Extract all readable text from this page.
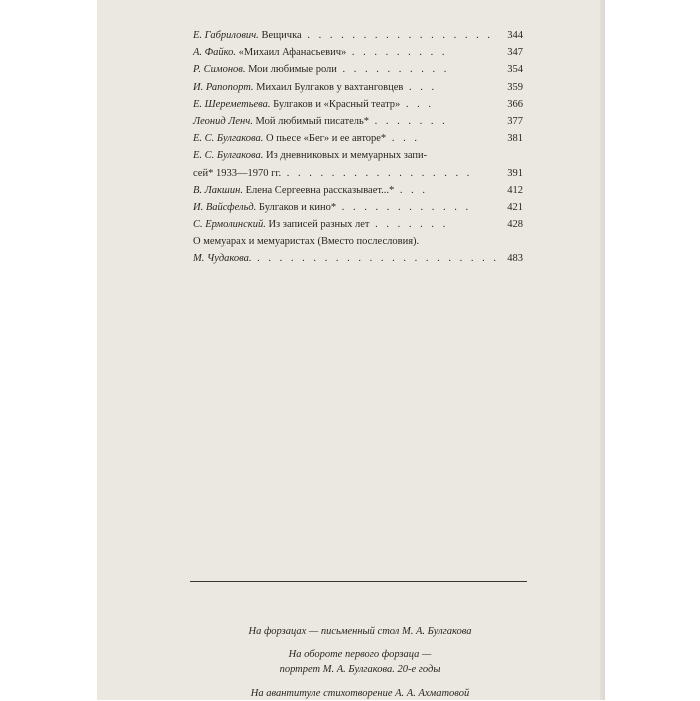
Е. Габрилович. Вещичка . . . . . . . . . . . . . . . . . 344
А. Файко. «Михаил Афанасьевич» . . . . . . . . .	347
Р. Симонов. Мои любимые роли . . . . . . . . . .	354
И. Рапопорт. Михаил Булгаков у вахтанговцев . . .	359
Е. Шереметьева. Булгаков и «Красный театр» . . .	366
Леонид Ленч. Мой любимый писатель* . . . . . . .	377
Е. С. Булгакова. О пьесе «Бег» и ее авторе* . . .	381
Е. С. Булгакова. Из дневниковых и мемуарных запи-
сей* 1933—1970 гг. . . . . . . . . . . . . . . . . .	391
В. Лакшин. Елена Сергеевна рассказывает...* . . .	412
И. Вайсфельд. Булгаков и кино* . . . . . . . . . . . .	421
С. Ермолинский. Из записей разных лет . . . . . . .	428
О мемуарах и мемуаристах (Вместо послесловия).
М. Чудакова. . . . . . . . . . . . . . . . . . . . . . . 483
На форзацах — письменный стол М. А. Булгакова
На обороте первого форзаца —
портрет М. А. Булгакова. 20-е годы
На авантитуле стихотворение А. А. Ахматовой
